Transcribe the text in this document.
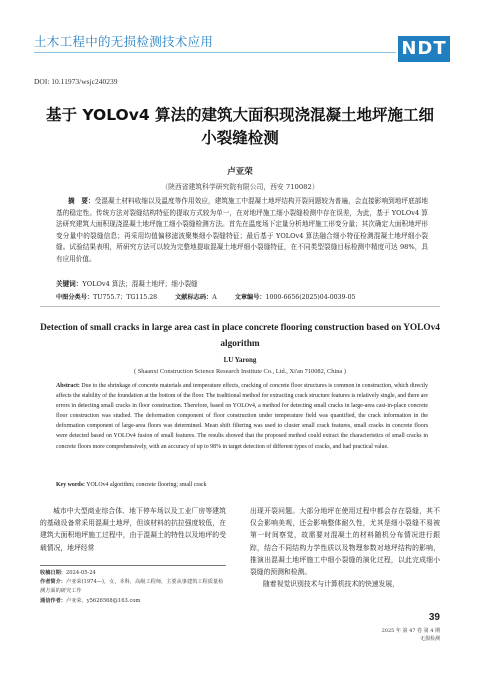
土木工程中的无损检测技术应用	NDT
DOI: 10.11973/wsjc240239
基于 YOLOv4 算法的建筑大面积现浇混凝土地坪施工细小裂缝检测
卢亚荣
（陕西省建筑科学研究院有限公司，西安 710082）
摘　要：受混凝土材料收缩以及温度等作用效应，建筑施工中混凝土地坪结构开裂问题较为普遍，会直接影响到地坪底部地基的稳定性。传统方法对裂缝结构特征的提取方式较为单一，在对地坪施工细小裂缝检测中存在误差，为此，基于 YOLOv4 算法研究建筑大面积现浇混凝土地坪施工细小裂缝检测方法。首先在温度场下定量分析地坪施工形变分量；其次确定大面积地坪形变分量中的裂缝信息；再采用均值偏移滤波聚集细小裂缝特征；最后基于 YOLOv4 算法融合细小特征检测混凝土地坪细小裂缝。试验结果表明，所研究方法可以较为完整地提取混凝土地坪细小裂缝特征，在不同类型裂缝目标检测中精度可达 98%，具有应用价值。
关键词：YOLOv4 算法；混凝土地坪；细小裂缝
中图分类号：TU755.7；TG115.28	文献标志码：A	文章编号：1000-6656(2025)04-0039-05
Detection of small cracks in large area cast in place concrete flooring construction based on YOLOv4 algorithm
LU Yarong
( Shaanxi Construction Science Research Institute Co., Ltd., Xi'an 710082, China )
Abstract: Due to the shrinkage of concrete materials and temperature effects, cracking of concrete floor structures is common in construction, which directly affects the stability of the foundation at the bottom of the floor. The traditional method for extracting crack structure features is relatively single, and there are errors in detecting small cracks in floor construction. Therefore, based on YOLOv4, a method for detecting small cracks in large-area cast-in-place concrete floor construction was studied. The deformation component of floor construction under temperature field was quantified, the crack information in the deformation component of large-area floors was determined. Mean shift filtering was used to cluster small crack features, small cracks in concrete floors were detected based on YOLOv4 fusion of small features. The results showed that the proposed method could extract the characteristics of small cracks in concrete floors more comprehensively, with an accuracy of up to 98% in target detection of different types of cracks, and had practical value.
Key words: YOLOv4 algorithm; concrete flooring; small crack
城市中大型商业综合体、地下停车场以及工业厂房等建筑的基础设备常采用混凝土地坪，但该材料的抗拉强度较低，在建筑大面积地坪施工过程中，由于混凝土的特性以及地坪的受载情况，地坪经常
出现开裂问题。大部分地坪在使用过程中都会存在裂缝，其不仅会影响美观，还会影响整体耐久性，尤其是细小裂缝不易被第一时间察觉，故需要对混凝土的材料随机分布情况进行跟踪，结合不同结构力学性质以及物理参数对地坪结构的影响，推演出混凝土地坪施工中细小裂缝的演化过程，以此完成细小裂缝的预测和检测。
随着视觉识别技术与计算机技术的快速发展，
收稿日期：2024-05-24
作者简介：卢亚荣(1974—)，女，本科，高级工程师，主要从事建筑工程质量检测方面的研究工作
通信作者：卢亚荣，y5626568@163.com
39
2025 年 第 47 卷 第 4 期
无损检测
